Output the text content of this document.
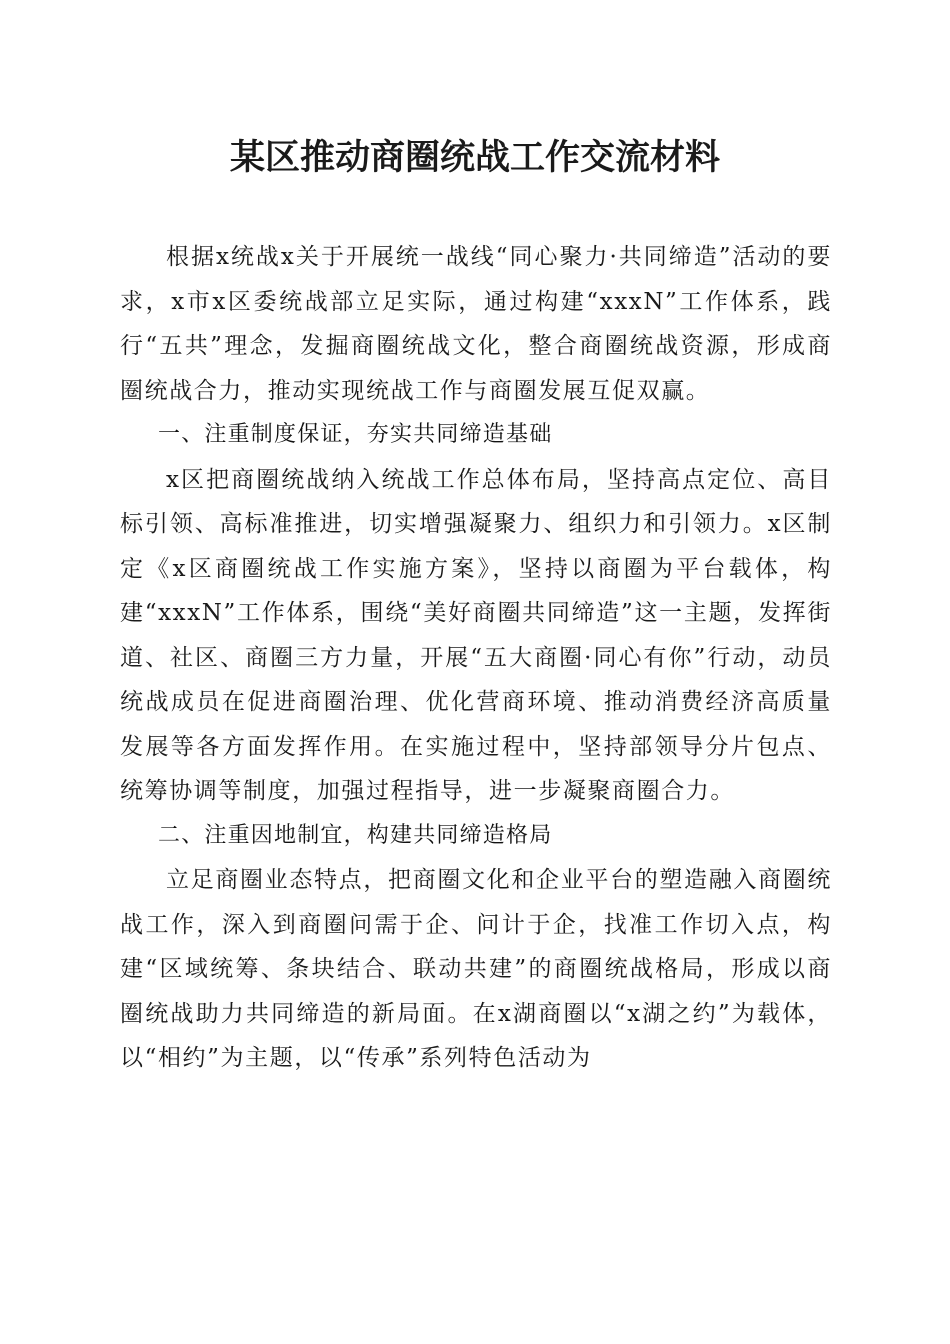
某区推动商圈统战工作交流材料

根据x统战x关于开展统一战线“同心聚力·共同缔造”活动的要求，x市x区委统战部立足实际，通过构建“xxxN”工作体系，践行“五共”理念，发掘商圈统战文化，整合商圈统战资源，形成商圈统战合力，推动实现统战工作与商圈发展互促双赢。

一、注重制度保证，夯实共同缔造基础

x区把商圈统战纳入统战工作总体布局，坚持高点定位、高目标引领、高标准推进，切实增强凝聚力、组织力和引领力。x区制定《x区商圈统战工作实施方案》，坚持以商圈为平台载体，构建“xxxN”工作体系，围绕“美好商圈共同缔造”这一主题，发挥街道、社区、商圈三方力量，开展“五大商圈·同心有你”行动，动员统战成员在促进商圈治理、优化营商环境、推动消费经济高质量发展等各方面发挥作用。在实施过程中，坚持部领导分片包点、统筹协调等制度，加强过程指导，进一步凝聚商圈合力。

二、注重因地制宜，构建共同缔造格局

立足商圈业态特点，把商圈文化和企业平台的塑造融入商圈统战工作，深入到商圈问需于企、问计于企，找准工作切入点，构建“区域统筹、条块结合、联动共建”的商圈统战格局，形成以商圈统战助力共同缔造的新局面。在x湖商圈以“x湖之约”为载体，以“相约”为主题，以“传承”系列特色活动为
